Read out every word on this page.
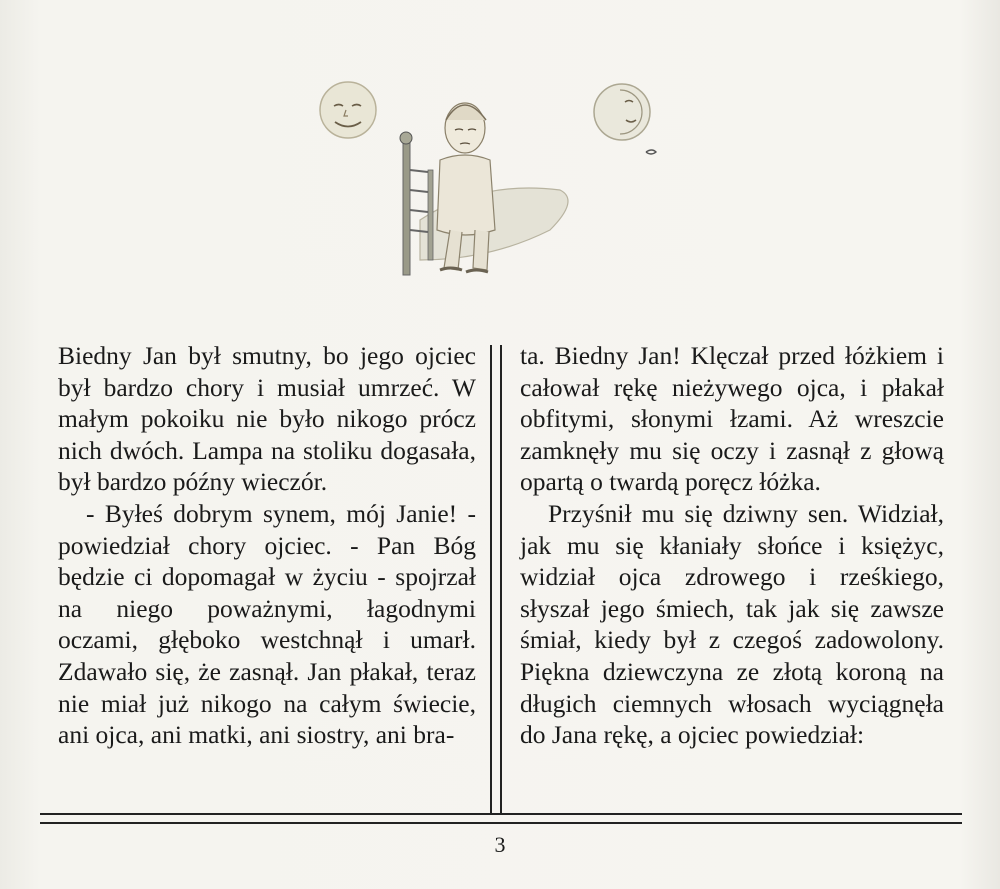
Biedny Jan był smutny, bo jego ojciec był bardzo chory i musiał umrzeć. W małym pokoiku nie było nikogo prócz nich dwóch. Lampa na stoliku dogasała, był bardzo późny wieczór.

- Byłeś dobrym synem, mój Janie! - powiedział chory ojciec. - Pan Bóg będzie ci dopomagał w życiu - spojrzał na niego poważnymi, łagodnymi oczami, głęboko westchnął i umarł. Zdawało się, że zasnął. Jan płakał, teraz nie miał już nikogo na całym świecie, ani ojca, ani matki, ani siostry, ani bra-

ta. Biedny Jan! Klęczał przed łóżkiem i całował rękę nieżywego ojca, i płakał obfitymi, słonymi łzami. Aż wreszcie zamknęły mu się oczy i zasnął z głową opartą o twardą poręcz łóżka.

Przyśnił mu się dziwny sen. Widział, jak mu się kłaniały słońce i księżyc, widział ojca zdrowego i rześkiego, słyszał jego śmiech, tak jak się zawsze śmiał, kiedy był z czegoś zadowolony. Piękna dziewczyna ze złotą koroną na długich ciemnych włosach wyciągnęła do Jana rękę, a ojciec powiedział:

3
